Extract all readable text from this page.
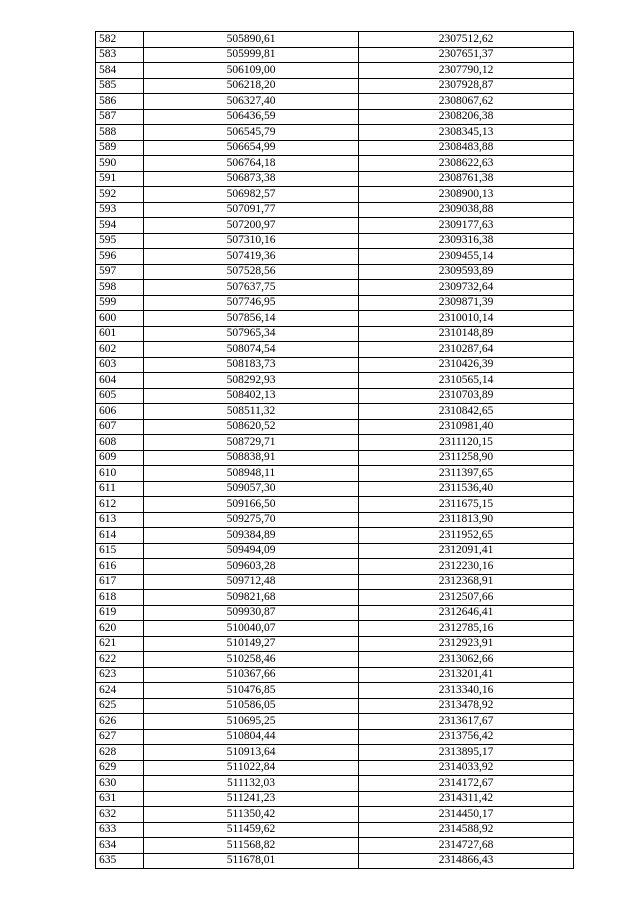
582	505890,61	2307512,62
583	505999,81	2307651,37
584	506109,00	2307790,12
585	506218,20	2307928,87
586	506327,40	2308067,62
587	506436,59	2308206,38
588	506545,79	2308345,13
589	506654,99	2308483,88
590	506764,18	2308622,63
591	506873,38	2308761,38
592	506982,57	2308900,13
593	507091,77	2309038,88
594	507200,97	2309177,63
595	507310,16	2309316,38
596	507419,36	2309455,14
597	507528,56	2309593,89
598	507637,75	2309732,64
599	507746,95	2309871,39
600	507856,14	2310010,14
601	507965,34	2310148,89
602	508074,54	2310287,64
603	508183,73	2310426,39
604	508292,93	2310565,14
605	508402,13	2310703,89
606	508511,32	2310842,65
607	508620,52	2310981,40
608	508729,71	2311120,15
609	508838,91	2311258,90
610	508948,11	2311397,65
611	509057,30	2311536,40
612	509166,50	2311675,15
613	509275,70	2311813,90
614	509384,89	2311952,65
615	509494,09	2312091,41
616	509603,28	2312230,16
617	509712,48	2312368,91
618	509821,68	2312507,66
619	509930,87	2312646,41
620	510040,07	2312785,16
621	510149,27	2312923,91
622	510258,46	2313062,66
623	510367,66	2313201,41
624	510476,85	2313340,16
625	510586,05	2313478,92
626	510695,25	2313617,67
627	510804,44	2313756,42
628	510913,64	2313895,17
629	511022,84	2314033,92
630	511132,03	2314172,67
631	511241,23	2314311,42
632	511350,42	2314450,17
633	511459,62	2314588,92
634	511568,82	2314727,68
635	511678,01	2314866,43
